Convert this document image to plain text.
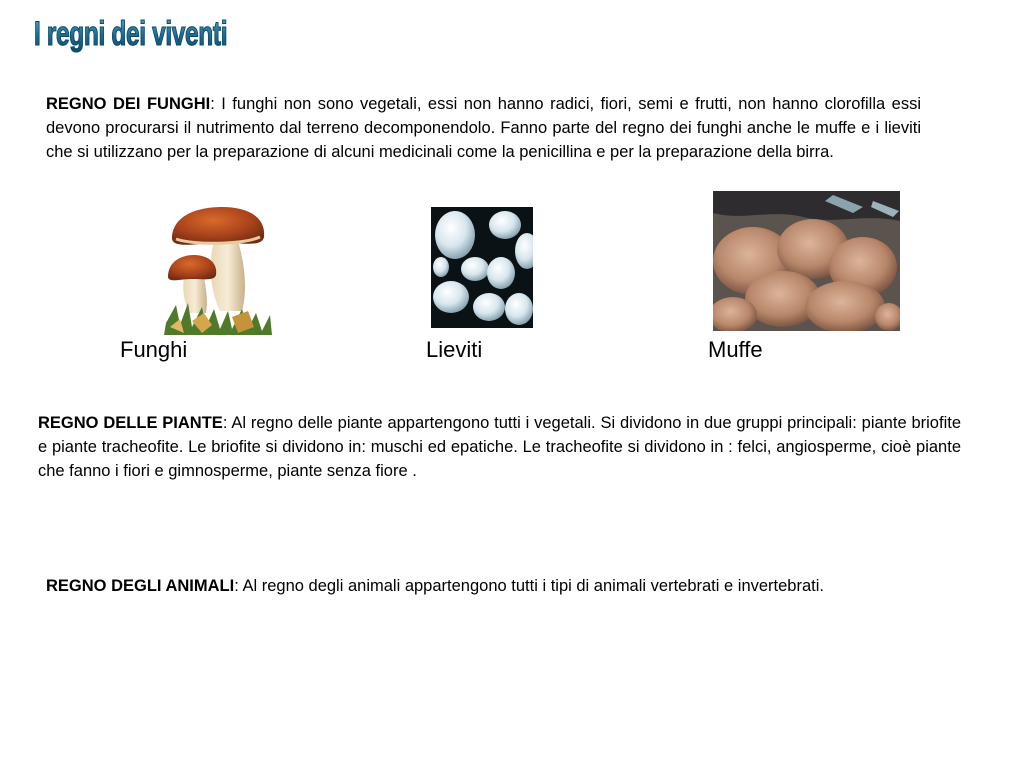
I regni dei viventi

REGNO DEI FUNGHI: I funghi non sono vegetali, essi non hanno radici, fiori, semi e frutti, non hanno clorofilla essi devono procurarsi il nutrimento dal terreno decomponendolo. Fanno parte del regno dei funghi anche le muffe e i lieviti che si utilizzano per la preparazione di alcuni medicinali come la penicillina e per la preparazione della birra.

Funghi	Lieviti	Muffe

REGNO DELLE PIANTE: Al regno delle piante appartengono tutti i vegetali. Si dividono in due gruppi principali: piante briofite e piante tracheofite. Le briofite si dividono in: muschi ed epatiche. Le tracheofite si dividono in : felci, angiosperme, cioè piante che fanno i fiori e gimnosperme, piante senza fiore .

REGNO DEGLI ANIMALI: Al regno degli animali appartengono tutti i tipi di animali vertebrati e invertebrati.
